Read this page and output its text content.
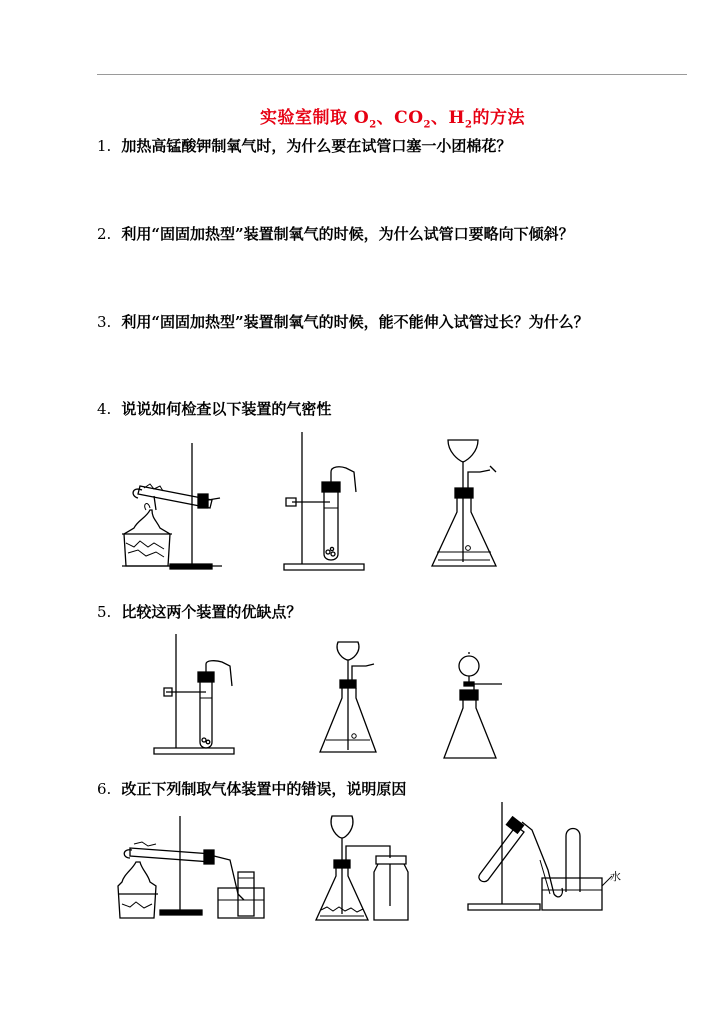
实验室制取 $O_2$、$CO_2$、$H_2$的方法
1. 加热高锰酸钾制氧气时，为什么要在试管口塞一小团棉花？
2. 利用“固固加热型”装置制氧气的时候，为什么试管口要略向下倾斜？
3. 利用“固固加热型”装置制氧气的时候，能不能伸入试管过长？为什么？
4. 说说如何检查以下装置的气密性
5. 比较这两个装置的优缺点？
6. 改正下列制取气体装置中的错误，说明原因
水
